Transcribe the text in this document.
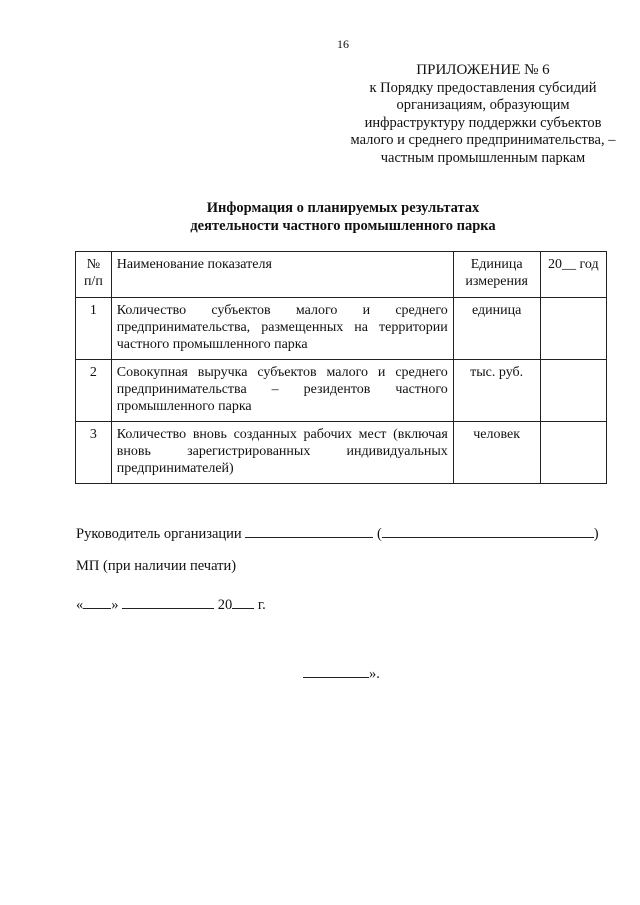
16
ПРИЛОЖЕНИЕ № 6
к Порядку предоставления субсидий
организациям, образующим
инфраструктуру поддержки субъектов
малого и среднего предпринимательства, –
частным промышленным паркам
Информация о планируемых результатах
деятельности частного промышленного парка
№ п/п	Наименование показателя	Единица измерения	20__ год
1	Количество субъектов малого и среднего предпринимательства, размещенных на территории частного промышленного парка	единица	
2	Совокупная выручка субъектов малого и среднего предпринимательства – резидентов частного промышленного парка	тыс. руб.	
3	Количество вновь созданных рабочих мест (включая вновь зарегистрированных индивидуальных предпринимателей)	человек	
Руководитель организации	(	)
МП (при наличии печати)
« »	20 г.
».
